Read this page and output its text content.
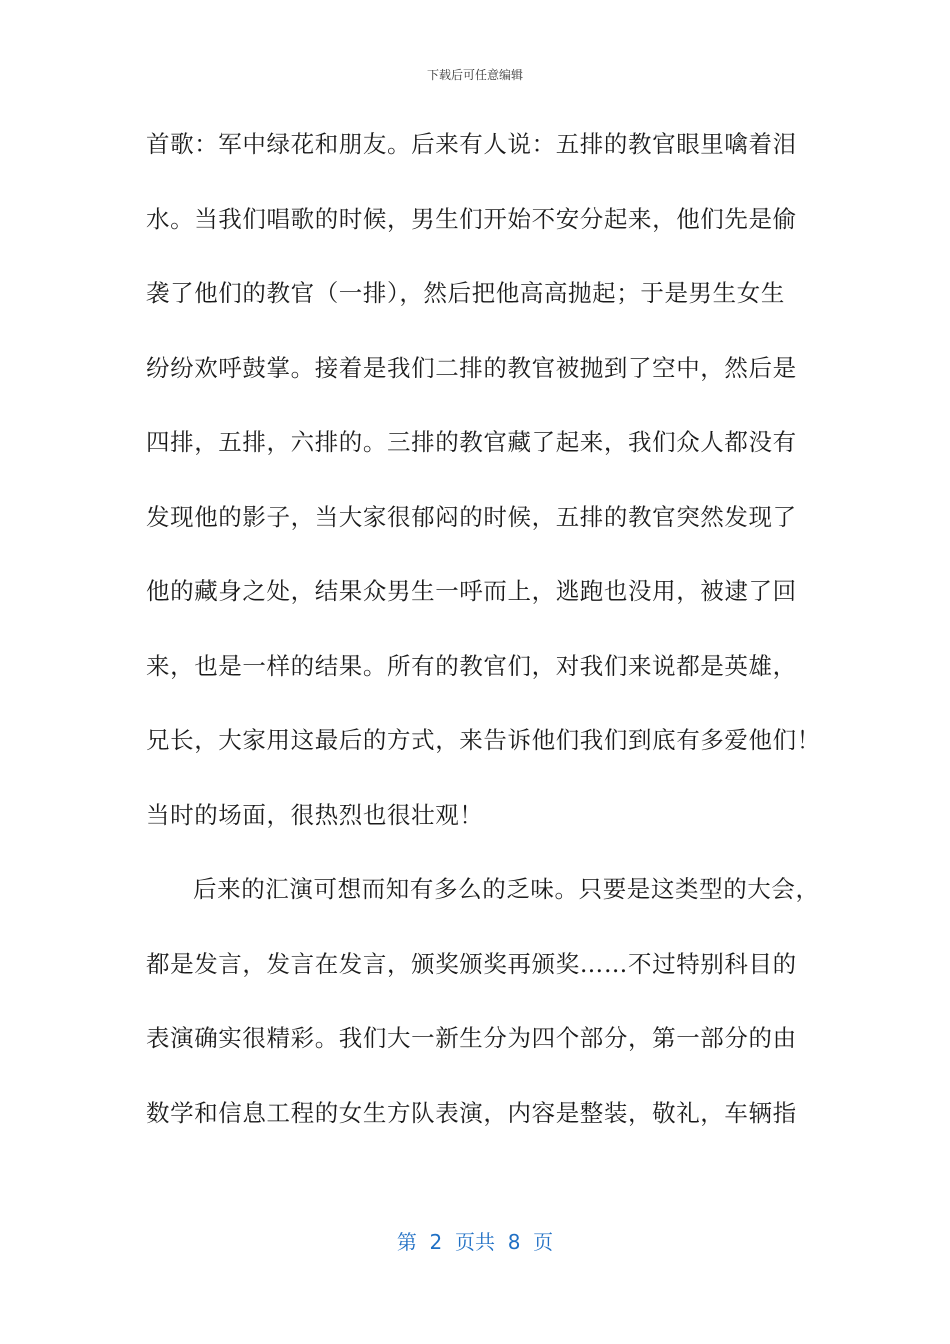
下载后可任意编辑
首歌：军中绿花和朋友。后来有人说：五排的教官眼里噙着泪
水。当我们唱歌的时候，男生们开始不安分起来，他们先是偷
袭了他们的教官（一排），然后把他高高抛起；于是男生女生
纷纷欢呼鼓掌。接着是我们二排的教官被抛到了空中，然后是
四排，五排，六排的。三排的教官藏了起来，我们众人都没有
发现他的影子，当大家很郁闷的时候，五排的教官突然发现了
他的藏身之处，结果众男生一呼而上，逃跑也没用，被逮了回
来，也是一样的结果。所有的教官们，对我们来说都是英雄，
兄长，大家用这最后的方式，来告诉他们我们到底有多爱他们！
当时的场面，很热烈也很壮观！
后来的汇演可想而知有多么的乏味。只要是这类型的大会，
都是发言，发言在发言，颁奖颁奖再颁奖……不过特别科目的
表演确实很精彩。我们大一新生分为四个部分，第一部分的由
数学和信息工程的女生方队表演，内容是整装，敬礼，车辆指
第  2  页共  8  页
